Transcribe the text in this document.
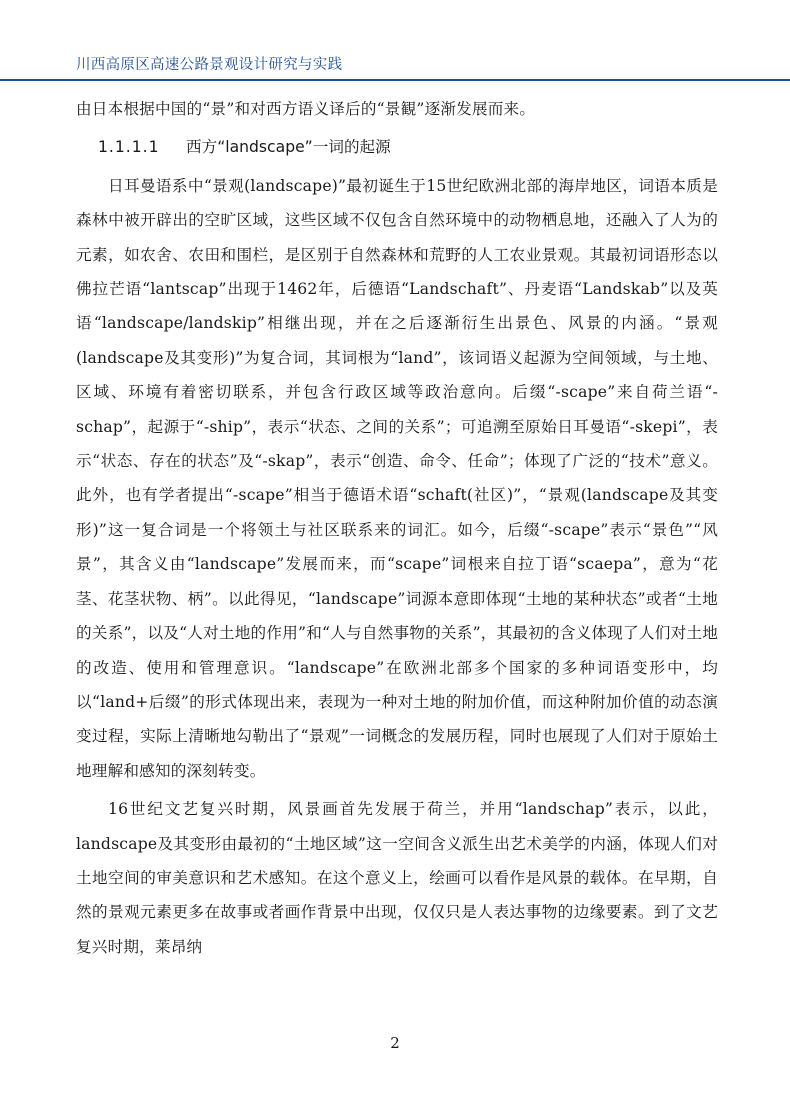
川西高原区高速公路景观设计研究与实践

由日本根据中国的“景”和对西方语义译后的“景観”逐渐发展而来。

1.1.1.1 西方“landscape”一词的起源

日耳曼语系中“景观(landscape)”最初诞生于15世纪欧洲北部的海岸地区，词语本质是森林中被开辟出的空旷区域，这些区域不仅包含自然环境中的动物栖息地，还融入了人为的元素，如农舍、农田和围栏，是区别于自然森林和荒野的人工农业景观。其最初词语形态以佛拉芒语“lantscap”出现于1462年，后德语“Landschaft”、丹麦语“Landskab”以及英语“landscape/landskip”相继出现，并在之后逐渐衍生出景色、风景的内涵。“景观(landscape及其变形)”为复合词，其词根为“land”，该词语义起源为空间领域，与土地、区域、环境有着密切联系，并包含行政区域等政治意向。后缀“-scape”来自荷兰语“-schap”，起源于“-ship”，表示“状态、之间的关系”；可追溯至原始日耳曼语“-skepi”，表示“状态、存在的状态”及“-skap”，表示“创造、命令、任命”；体现了广泛的“技术”意义。此外，也有学者提出“-scape”相当于德语术语“schaft(社区)”，“景观(landscape及其变形)”这一复合词是一个将领土与社区联系来的词汇。如今，后缀“-scape”表示“景色”“风景”，其含义由“landscape”发展而来，而“scape”词根来自拉丁语“scaepa”，意为“花茎、花茎状物、柄”。以此得见，“landscape”词源本意即体现“土地的某种状态”或者“土地的关系”，以及“人对土地的作用”和“人与自然事物的关系”，其最初的含义体现了人们对土地的改造、使用和管理意识。“landscape”在欧洲北部多个国家的多种词语变形中，均以“land+后缀”的形式体现出来，表现为一种对土地的附加价值，而这种附加价值的动态演变过程，实际上清晰地勾勒出了“景观”一词概念的发展历程，同时也展现了人们对于原始土地理解和感知的深刻转变。

16世纪文艺复兴时期，风景画首先发展于荷兰，并用“landschap”表示，以此，landscape及其变形由最初的“土地区域”这一空间含义派生出艺术美学的内涵，体现人们对土地空间的审美意识和艺术感知。在这个意义上，绘画可以看作是风景的载体。在早期，自然的景观元素更多在故事或者画作背景中出现，仅仅只是人表达事物的边缘要素。到了文艺复兴时期，莱昂纳

2
